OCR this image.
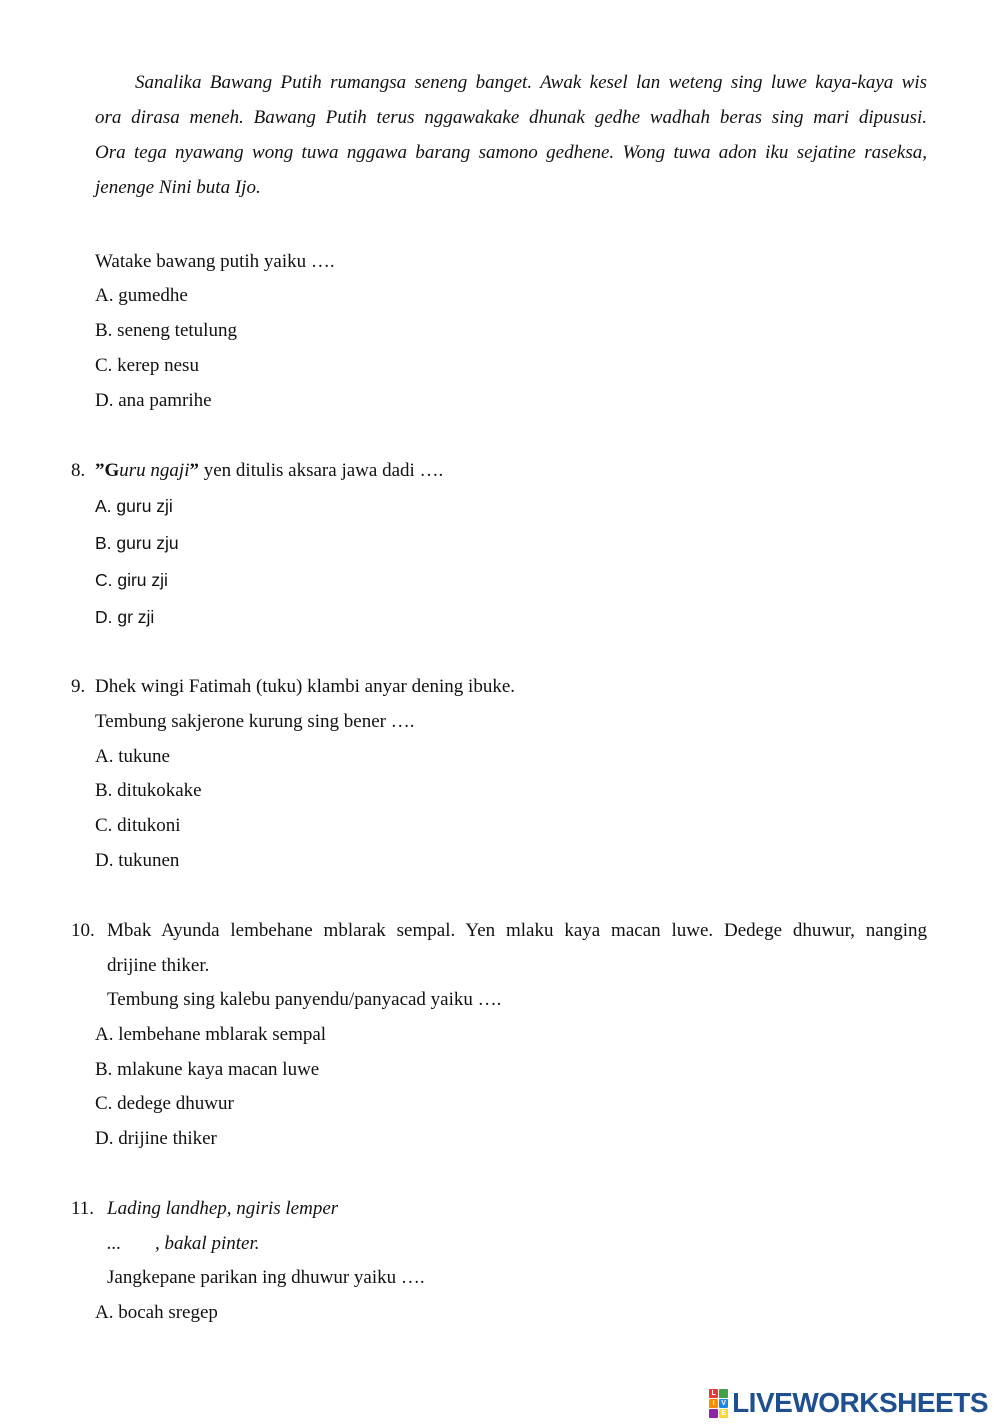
Sanalika Bawang Putih rumangsa seneng banget. Awak kesel lan weteng sing luwe kaya-kaya wis
ora dirasa meneh. Bawang Putih terus nggawakake dhunak gedhe wadhah beras sing mari dipususi.
Ora tega nyawang wong tuwa nggawa barang samono gedhene. Wong tuwa adon iku sejatine raseksa,
jenenge Nini buta Ijo.
Watake bawang putih yaiku ….
A. gumedhe
B. seneng tetulung
C. kerep nesu
D. ana pamrihe
8. ”Guru ngaji” yen ditulis aksara jawa dadi ….
A. guru zji
B. guru zju
C. giru zji
D. gr zji
9. Dhek wingi Fatimah (tuku) klambi anyar dening ibuke.
Tembung sakjerone kurung sing bener ….
A. tukune
B. ditukokake
C. ditukoni
D. tukunen
10. Mbak Ayunda lembehane mblarak sempal. Yen mlaku kaya macan luwe. Dedege dhuwur, nanging
drijine thiker.
Tembung sing kalebu panyendu/panyacad yaiku ….
A. lembehane mblarak sempal
B. mlakune kaya macan luwe
C. dedege dhuwur
D. drijine thiker
11. Lading landhep, ngiris lemper
... , bakal pinter.
Jangkepane parikan ing dhuwur yaiku ….
A. bocah sregep
L
I V
E LIVEWORKSHEETS
